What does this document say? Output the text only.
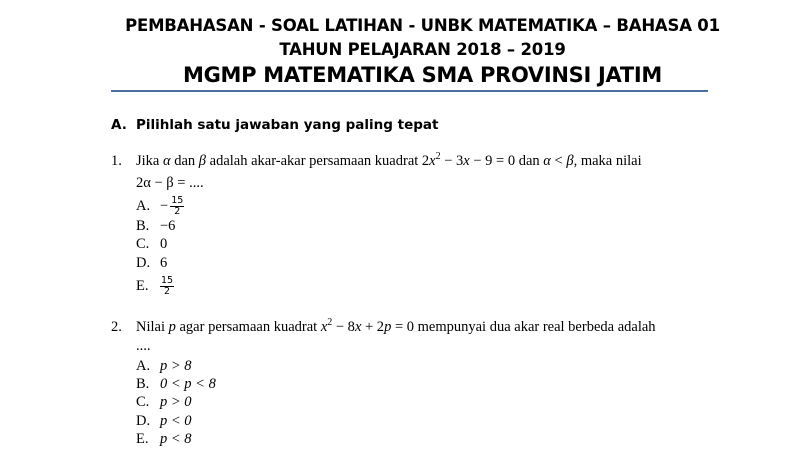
PEMBAHASAN - SOAL LATIHAN - UNBK MATEMATIKA – BAHASA 01
TAHUN PELAJARAN 2018 – 2019
MGMP MATEMATIKA SMA PROVINSI JATIM
A. Pilihlah satu jawaban yang paling tepat
1. Jika α dan β adalah akar-akar persamaan kuadrat $2x^2 - 3x - 9 = 0$ dan α < β, maka nilai
2α − β = ....
A. − $\frac{15}{2}$
B. −6
C. 0
D. 6
E. $\frac{15}{2}$
2. Nilai p agar persamaan kuadrat $x^2 - 8x + 2p = 0$ mempunyai dua akar real berbeda adalah
....
A. p > 8
B. 0 < p < 8
C. p > 0
D. p < 0
E. p < 8
